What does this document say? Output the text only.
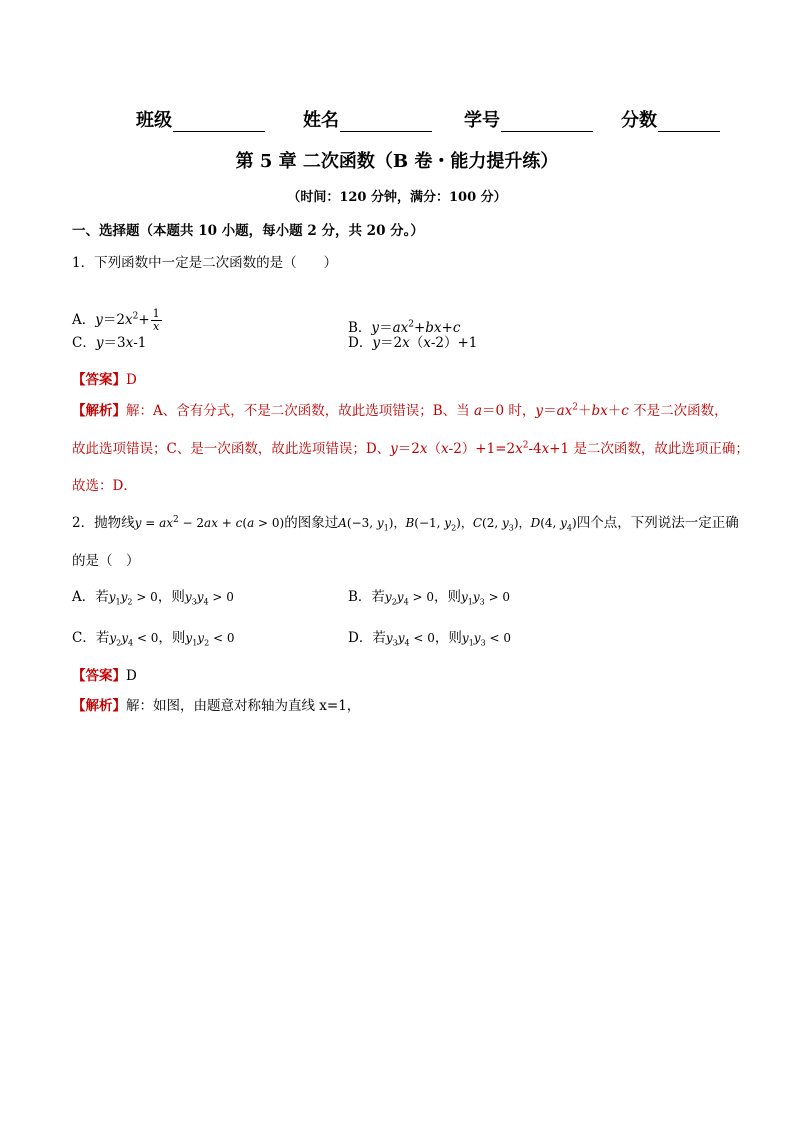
班级	姓名	学号	分数
第 5 章 二次函数（B 卷・能力提升练）
（时间：120 分钟，满分：100 分）
一、选择题（本题共 10 小题，每小题 2 分，共 20 分。）
1．下列函数中一定是二次函数的是（　　）
A．$y=2x^2+ \frac{1}{x}$	B．$y=ax^2+bx+c$
C．y＝3x-1	D．y＝2x（x-2）+1
【答案】D
【解析】解：A、含有分式，不是二次函数，故此选项错误；B、当 a＝0 时，$y=ax^2+bx+c$ 不是二次函数，
故此选项错误；C、是一次函数，故此选项错误；D、$y=2x(x-2)+1=2x^2-4x+1$ 是二次函数，故此选项正确；
故选：D．
2．抛物线$y = ax^2 - 2ax + c(a > 0)$的图象过A(−3, $y_1$)，B(−1, $y_2$)，C(2, $y_3$)，D(4, $y_4$)四个点，下列说法一定正确
的是（　）
A．若$y_1y_2 > 0$，则$y_3y_4 > 0$	B．若$y_2y_4 > 0$，则$y_1y_3 > 0$
C．若$y_2y_4 < 0$，则$y_1y_2 < 0$	D．若$y_3y_4 < 0$，则$y_1y_3 < 0$
【答案】D
【解析】解：如图，由题意对称轴为直线 x=1，
